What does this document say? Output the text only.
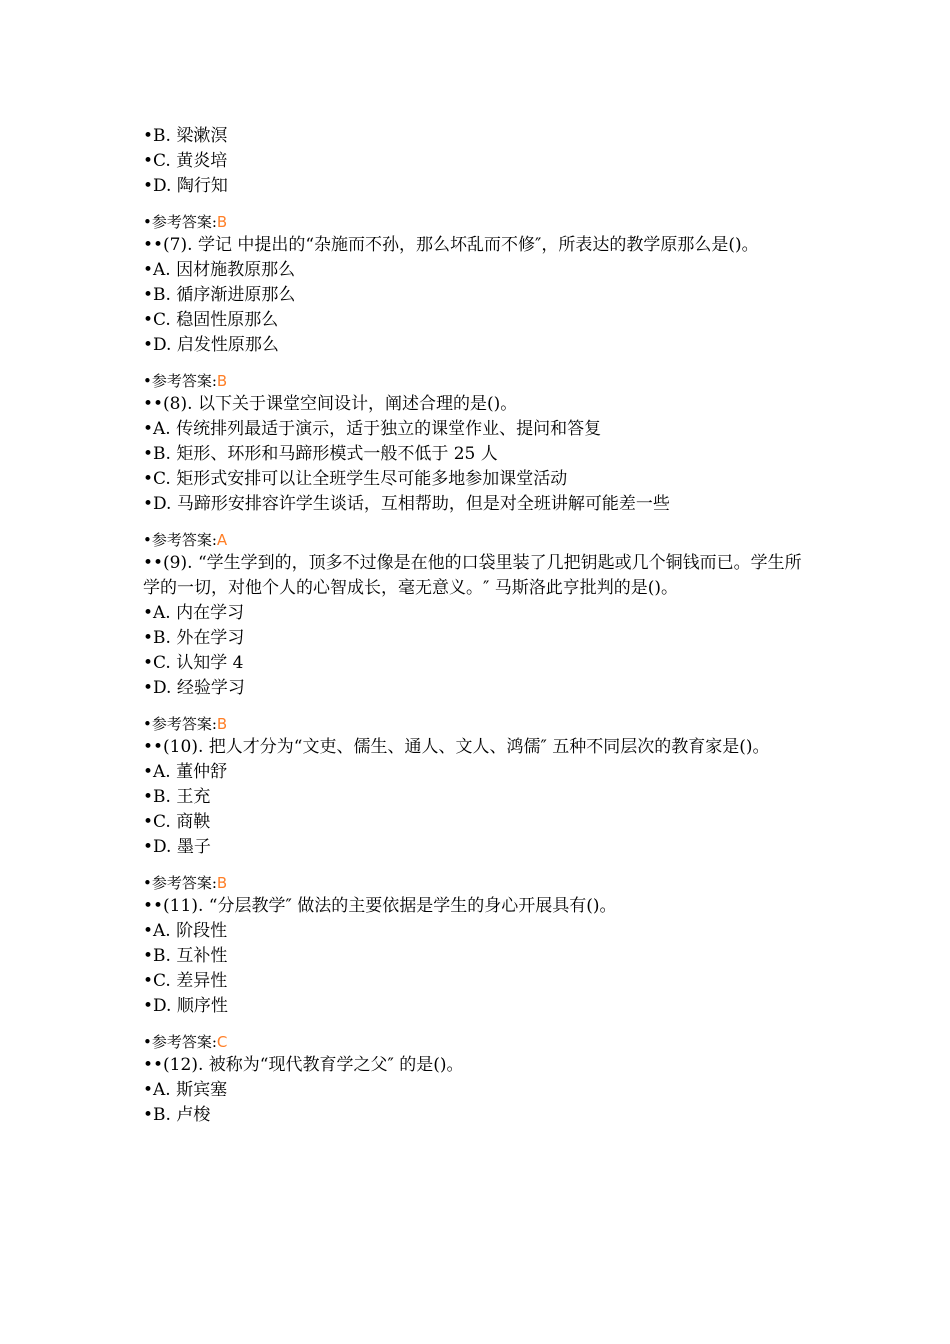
•B. 梁漱溟
•C. 黄炎培
•D. 陶行知
•参考答案:B
••(7). 学记 中提出的“杂施而不孙，那么坏乱而不修″，所表达的教学原那么是()。
•A. 因材施教原那么
•B. 循序渐进原那么
•C. 稳固性原那么
•D. 启发性原那么
•参考答案:B
••(8). 以下关于课堂空间设计，阐述合理的是()。
•A. 传统排列最适于演示，适于独立的课堂作业、提问和答复
•B. 矩形、环形和马蹄形模式一般不低于 25 人
•C. 矩形式安排可以让全班学生尽可能多地参加课堂活动
•D. 马蹄形安排容许学生谈话，互相帮助，但是对全班讲解可能差一些
•参考答案:A
••(9). “学生学到的，顶多不过像是在他的口袋里装了几把钥匙或几个铜钱而已。学生所学的一切，对他个人的心智成长，毫无意义。″ 马斯洛此亨批判的是()。
•A. 内在学习
•B. 外在学习
•C. 认知学 4
•D. 经验学习
•参考答案:B
••(10). 把人才分为“文吏、儒生、通人、文人、鸿儒″ 五种不同层次的教育家是()。
•A. 董仲舒
•B. 王充
•C. 商鞅
•D. 墨子
•参考答案:B
••(11). “分层教学″ 做法的主要依据是学生的身心开展具有()。
•A. 阶段性
•B. 互补性
•C. 差异性
•D. 顺序性
•参考答案:C
••(12). 被称为“现代教育学之父″ 的是()。
•A. 斯宾塞
•B. 卢梭
